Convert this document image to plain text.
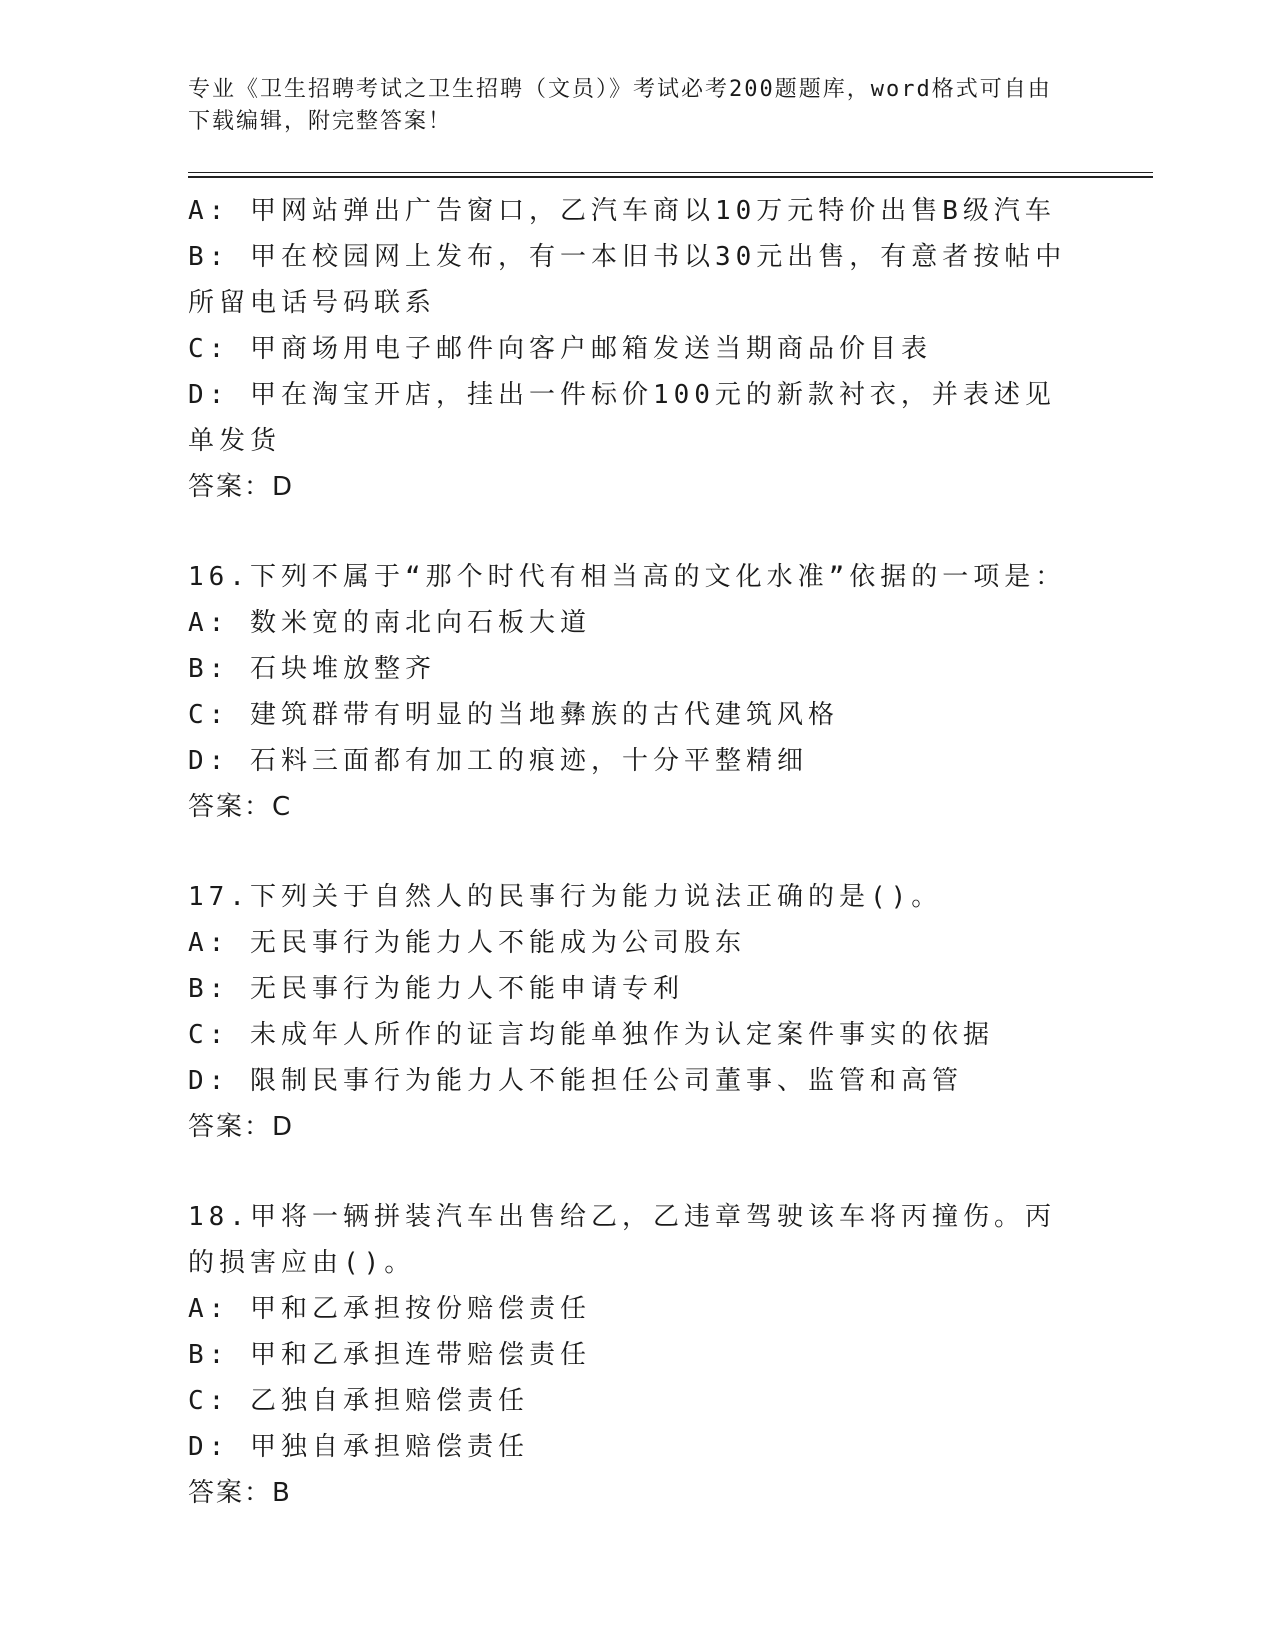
专业《卫生招聘考试之卫生招聘（文员）》考试必考200题题库，word格式可自由下载编辑，附完整答案！
A: 甲网站弹出广告窗口，乙汽车商以10万元特价出售B级汽车
B: 甲在校园网上发布，有一本旧书以30元出售，有意者按帖中所留电话号码联系
C: 甲商场用电子邮件向客户邮箱发送当期商品价目表
D: 甲在淘宝开店，挂出一件标价100元的新款衬衣，并表述见单发货
答案：D
16.下列不属于“那个时代有相当高的文化水准”依据的一项是：
A: 数米宽的南北向石板大道
B: 石块堆放整齐
C: 建筑群带有明显的当地彝族的古代建筑风格
D: 石料三面都有加工的痕迹，十分平整精细
答案：C
17.下列关于自然人的民事行为能力说法正确的是()。
A: 无民事行为能力人不能成为公司股东
B: 无民事行为能力人不能申请专利
C: 未成年人所作的证言均能单独作为认定案件事实的依据
D: 限制民事行为能力人不能担任公司董事、监管和高管
答案：D
18.甲将一辆拼装汽车出售给乙，乙违章驾驶该车将丙撞伤。丙的损害应由()。
A: 甲和乙承担按份赔偿责任
B: 甲和乙承担连带赔偿责任
C: 乙独自承担赔偿责任
D: 甲独自承担赔偿责任
答案：B
